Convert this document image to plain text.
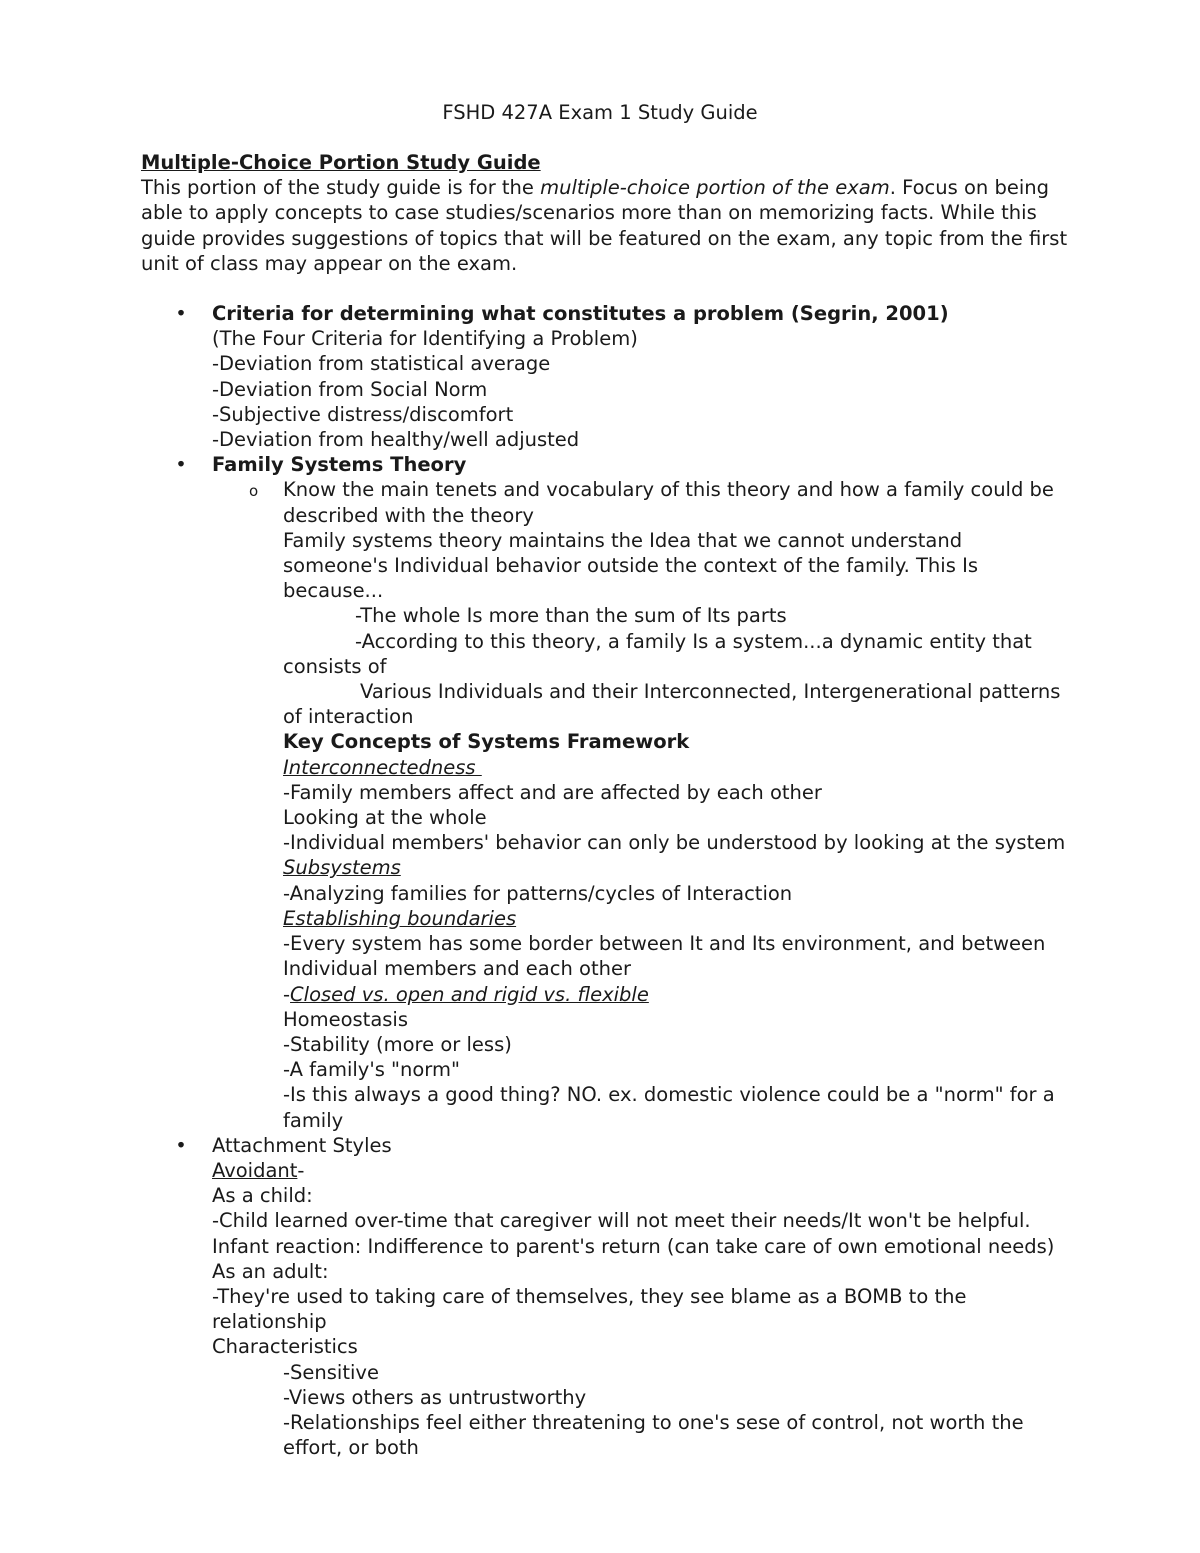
FSHD 427A Exam 1 Study Guide
Multiple-Choice Portion Study Guide
This portion of the study guide is for the multiple-choice portion of the exam. Focus on being able to apply concepts to case studies/scenarios more than on memorizing facts. While this guide provides suggestions of topics that will be featured on the exam, any topic from the first unit of class may appear on the exam.
• Criteria for determining what constitutes a problem (Segrin, 2001)
(The Four Criteria for Identifying a Problem)
-Deviation from statistical average
-Deviation from Social Norm
-Subjective distress/discomfort
-Deviation from healthy/well adjusted
• Family Systems Theory
o Know the main tenets and vocabulary of this theory and how a family could be described with the theory
Family systems theory maintains the Idea that we cannot understand someone's Individual behavior outside the context of the family. This Is because...
-The whole Is more than the sum of Its parts
-According to this theory, a family Is a system...a dynamic entity that consists of
Various Individuals and their Interconnected, Intergenerational patterns of interaction
Key Concepts of Systems Framework
Interconnectedness
-Family members affect and are affected by each other
Looking at the whole
-Individual members' behavior can only be understood by looking at the system
Subsystems
-Analyzing families for patterns/cycles of Interaction
Establishing boundaries
-Every system has some border between It and Its environment, and between Individual members and each other
-Closed vs. open and rigid vs. flexible
Homeostasis
-Stability (more or less)
-A family's "norm"
-Is this always a good thing? NO. ex. domestic violence could be a "norm" for a family
• Attachment Styles
Avoidant-
As a child:
-Child learned over-time that caregiver will not meet their needs/It won't be helpful.
Infant reaction: Indifference to parent's return (can take care of own emotional needs)
As an adult:
-They're used to taking care of themselves, they see blame as a BOMB to the relationship
Characteristics
-Sensitive
-Views others as untrustworthy
-Relationships feel either threatening to one's sese of control, not worth the effort, or both
